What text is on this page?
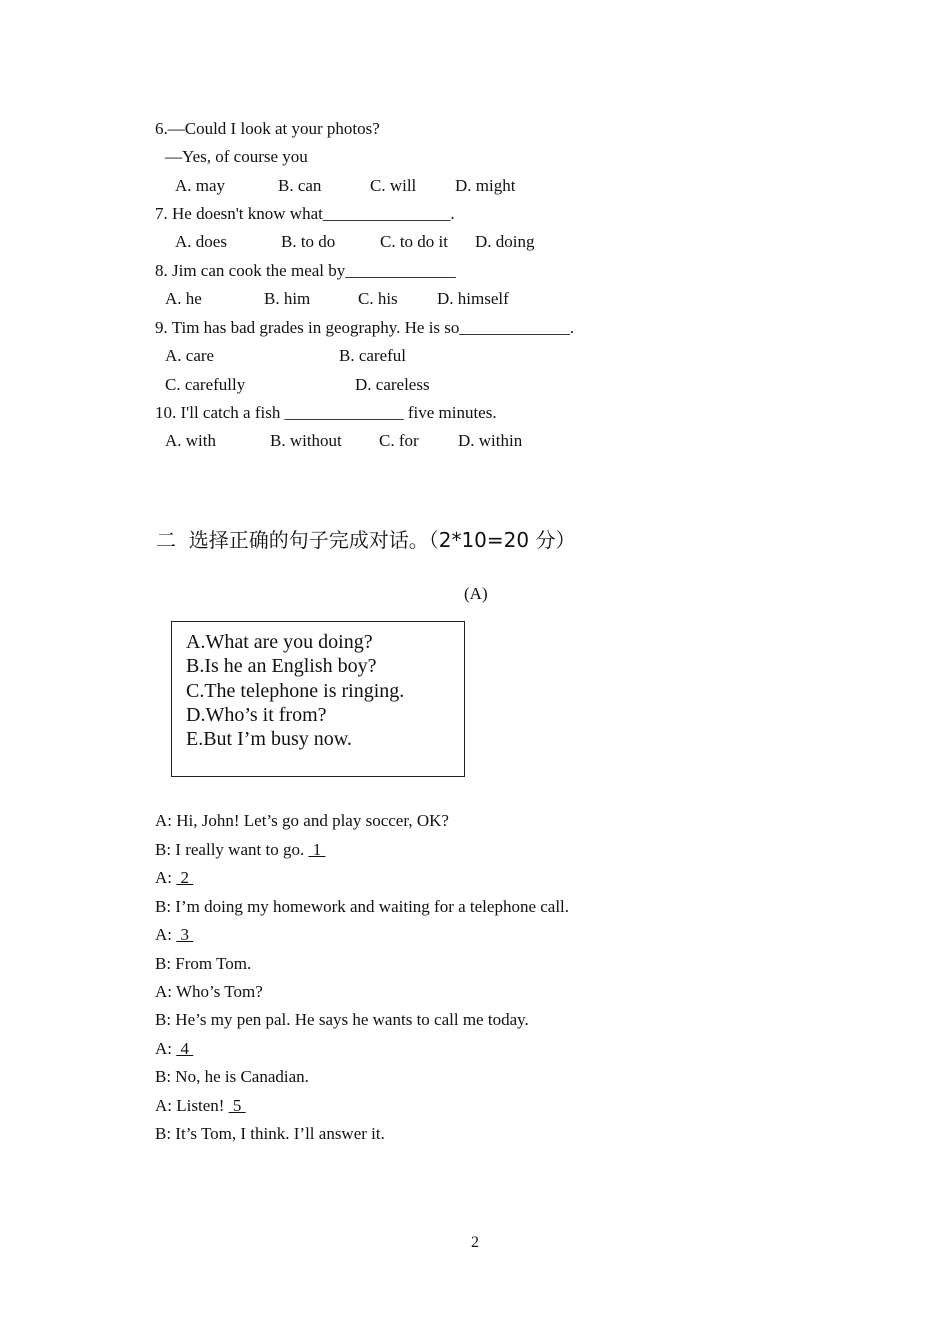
6.—Could I look at your photos?
—Yes, of course you
A. may	B. can	C. will D. might
7. He doesn't know what_______________.
A. does	B. to do	C. to do it D. doing
8. Jim can cook the meal by_____________
A. he	B. him	C. his D. himself
9. Tim has bad grades in geography. He is so_____________.
A. care	B. careful
C. carefully	D. careless
10. I'll catch a fish ______________ five minutes.
A. with	B. without C. for D. within
二  选择正确的句子完成对话。（2*10=20 分）
(A)
A.What are you doing?
B.Is he an English boy?
C.The telephone is ringing.
D.Who’s it from?
E.But I’m busy now.
A: Hi, John! Let’s go and play soccer, OK?
B: I really want to go.  1
A:  2
B: I’m doing my homework and waiting for a telephone call.
A:  3
B: From Tom.
A: Who’s Tom?
B: He’s my pen pal. He says he wants to call me today.
A:  4
B: No, he is Canadian.
A: Listen!  5
B: It’s Tom, I think. I’ll answer it.
2
